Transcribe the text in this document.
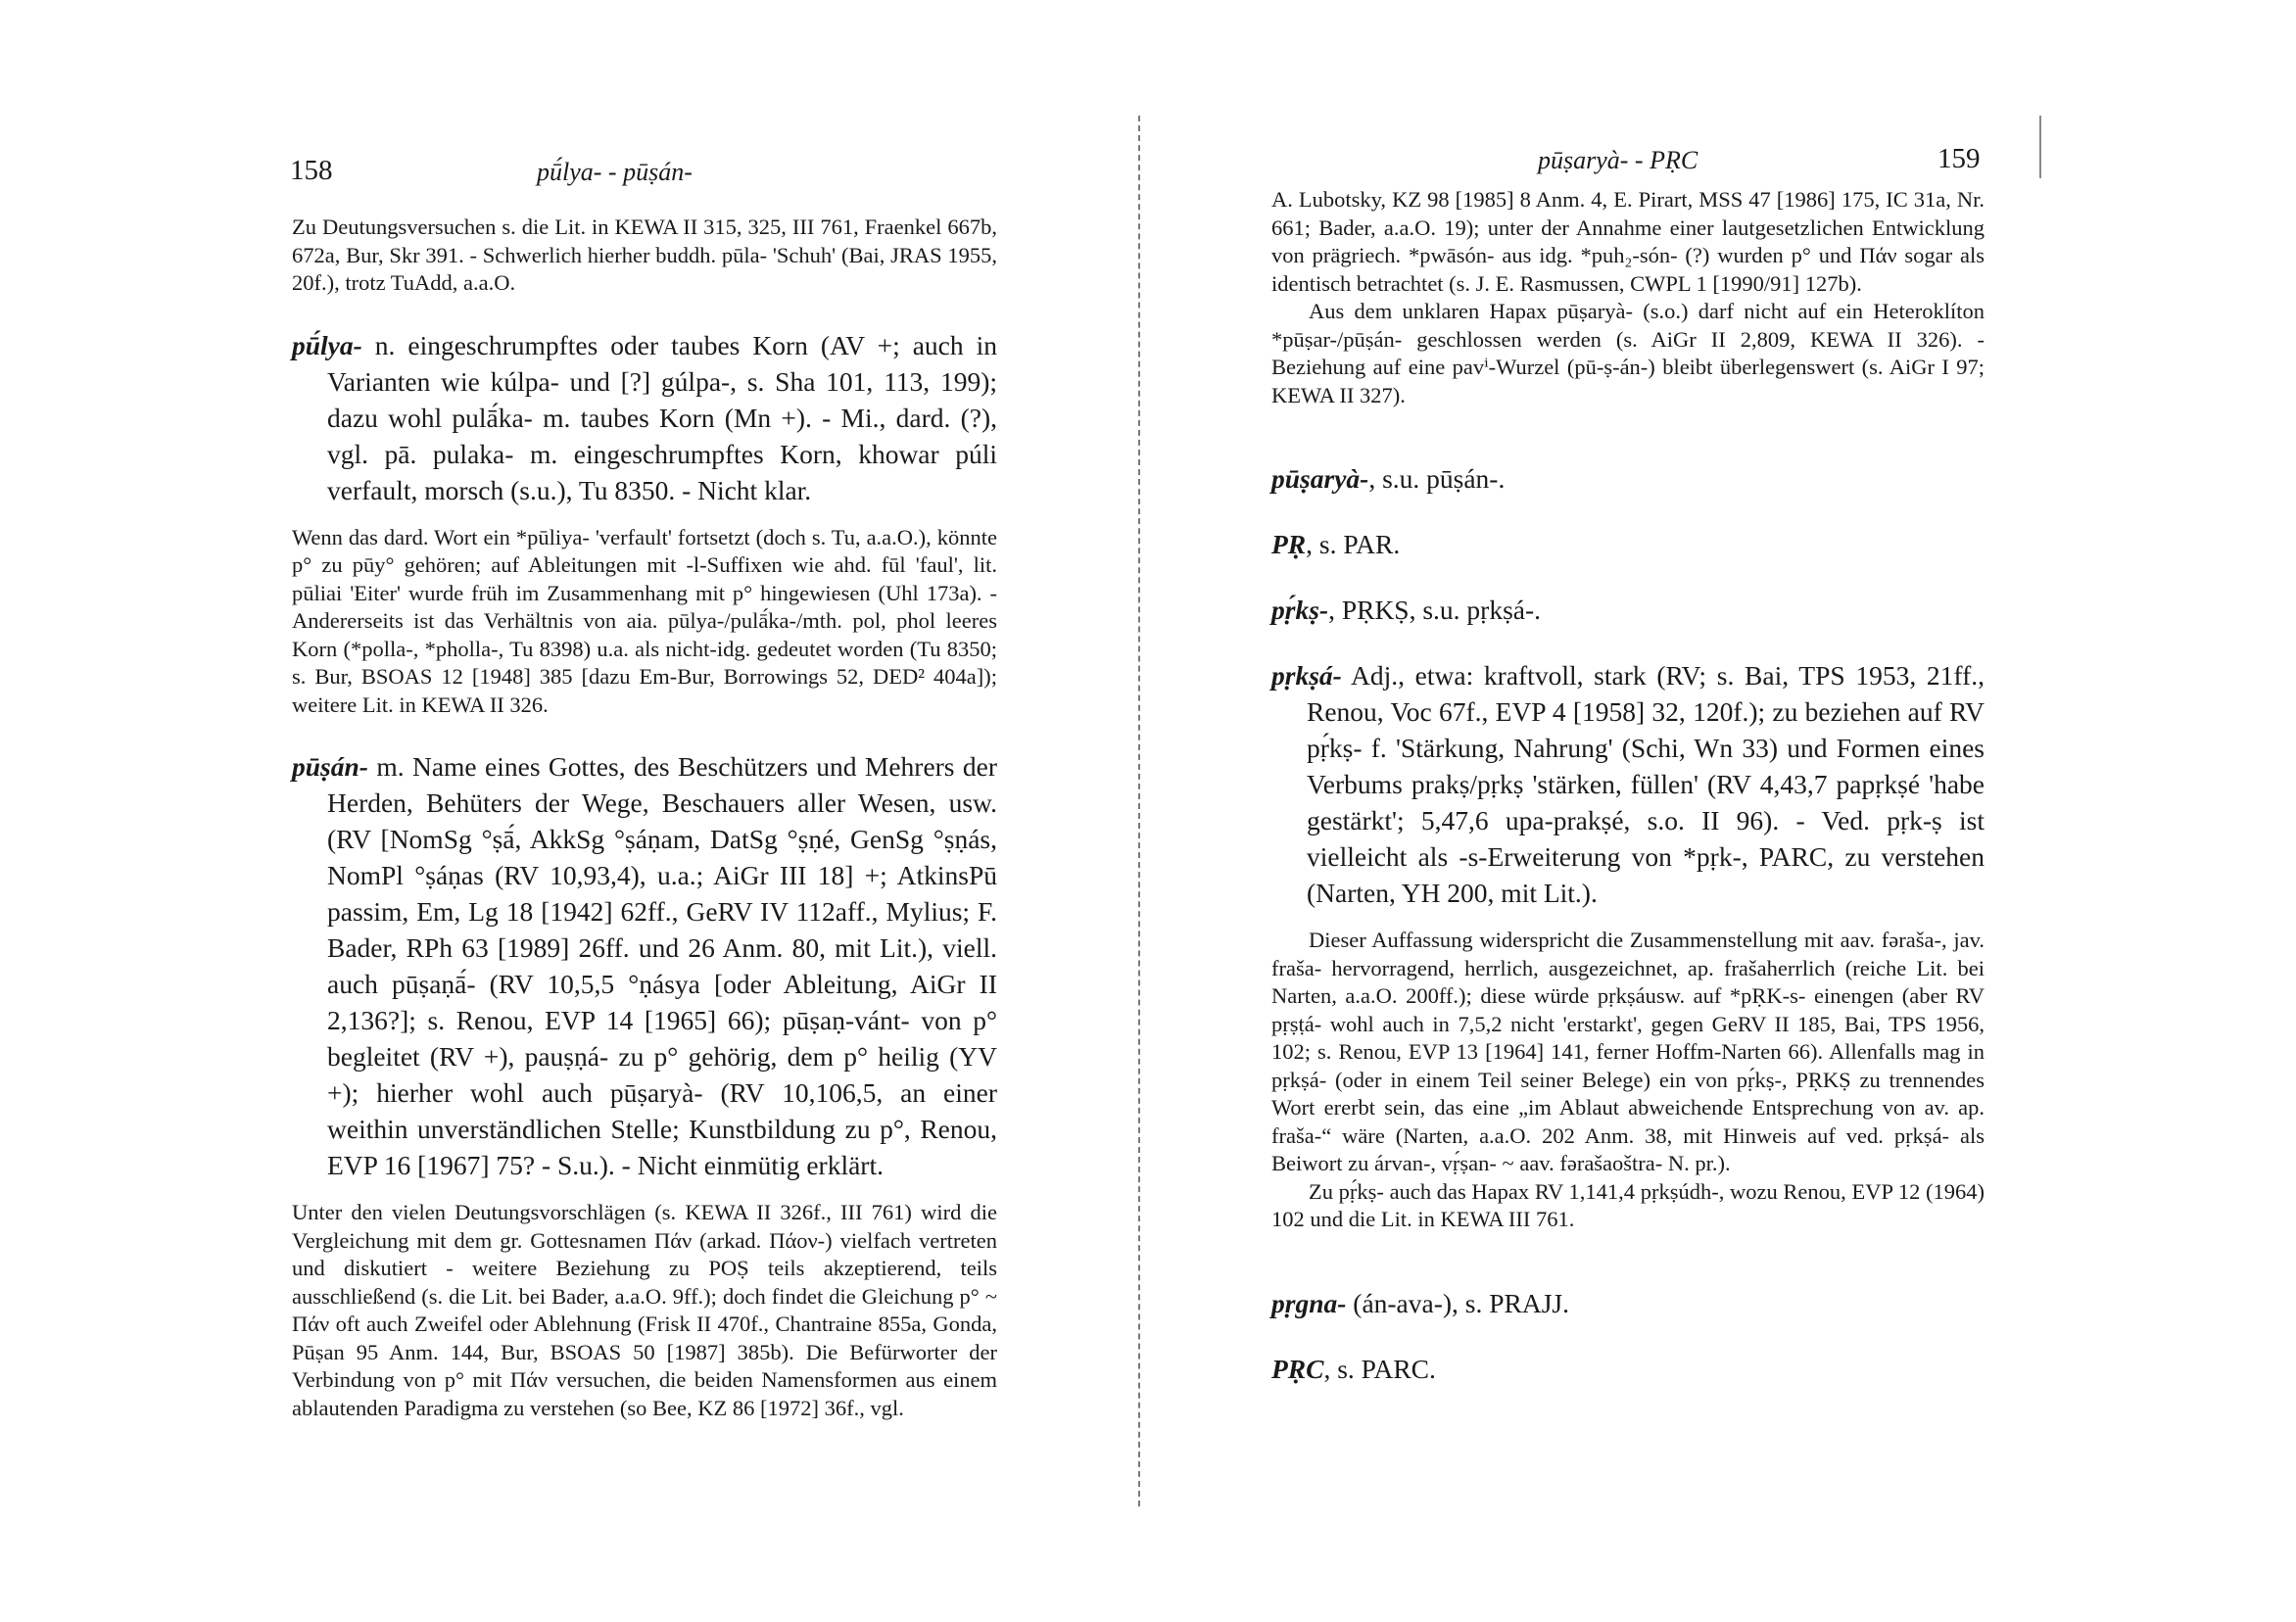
158	pū́lya- - pūṣán-

Zu Deutungsversuchen s. die Lit. in KEWA II 315, 325, III 761, Fraenkel 667b, 672a, Bur, Skr 391. - Schwerlich hierher buddh. pūla- 'Schuh' (Bai, JRAS 1955, 20f.), trotz TuAdd, a.a.O.

pū́lya- n. eingeschrumpftes oder taubes Korn (AV +; auch in Varianten wie kúlpa- und [?] gúlpa-, s. Sha 101, 113, 199); dazu wohl pulā́ka- m. taubes Korn (Mn +). - Mi., dard. (?), vgl. pā. pulaka- m. eingeschrumpftes Korn, khowar púli verfault, morsch (s.u.), Tu 8350. - Nicht klar.

Wenn das dard. Wort ein *pūliya- 'verfault' fortsetzt (doch s. Tu, a.a.O.), könnte p° zu pūy° gehören; auf Ableitungen mit -l-Suffixen wie ahd. fūl 'faul', lit. pūliai 'Eiter' wurde früh im Zusammenhang mit p° hingewiesen (Uhl 173a). - Andererseits ist das Verhältnis von aia. pūlya-/pulā́ka-/mth. pol, phol leeres Korn (*polla-, *pholla-, Tu 8398) u.a. als nicht-idg. gedeutet worden (Tu 8350; s. Bur, BSOAS 12 [1948] 385 [dazu Em-Bur, Borrowings 52, DED² 404a]); weitere Lit. in KEWA II 326.

pūṣán- m. Name eines Gottes, des Beschützers und Mehrers der Herden, Behüters der Wege, Beschauers aller Wesen, usw. (RV [NomSg °ṣā́, AkkSg °ṣáṇam, DatSg °ṣṇé, GenSg °ṣṇás, NomPl °ṣáṇas (RV 10,93,4), u.a.; AiGr III 18] +; AtkinsPū passim, Em, Lg 18 [1942] 62ff., GeRV IV 112aff., Mylius; F. Bader, RPh 63 [1989] 26ff. und 26 Anm. 80, mit Lit.), viell. auch pūṣaṇā́- (RV 10,5,5 °ṇásya [oder Ableitung, AiGr II 2,136?]; s. Renou, EVP 14 [1965] 66); pūṣaṇ-vánt- von p° begleitet (RV +), pauṣṇá- zu p° gehörig, dem p° heilig (YV +); hierher wohl auch pūṣaryà- (RV 10,106,5, an einer weithin unverständlichen Stelle; Kunstbildung zu p°, Renou, EVP 16 [1967] 75? - S.u.). - Nicht einmütig erklärt.

Unter den vielen Deutungsvorschlägen (s. KEWA II 326f., III 761) wird die Vergleichung mit dem gr. Gottesnamen Πάν (arkad. Πάον-) vielfach vertreten und diskutiert - weitere Beziehung zu POṢ teils akzeptierend, teils ausschließend (s. die Lit. bei Bader, a.a.O. 9ff.); doch findet die Gleichung p° ~ Πάν oft auch Zweifel oder Ablehnung (Frisk II 470f., Chantraine 855a, Gonda, Pūṣan 95 Anm. 144, Bur, BSOAS 50 [1987] 385b). Die Befürworter der Verbindung von p° mit Πάν versuchen, die beiden Namensformen aus einem ablautenden Paradigma zu verstehen (so Bee, KZ 86 [1972] 36f., vgl.

pūṣaryà- - PṚC	159

A. Lubotsky, KZ 98 [1985] 8 Anm. 4, E. Pirart, MSS 47 [1986] 175, IC 31a, Nr. 661; Bader, a.a.O. 19); unter der Annahme einer lautgesetzlichen Entwicklung von prägriech. *pwāsón- aus idg. *puh₂-són- (?) wurden p° und Πάν sogar als identisch betrachtet (s. J. E. Rasmussen, CWPL 1 [1990/91] 127b).

Aus dem unklaren Hapax pūṣaryà- (s.o.) darf nicht auf ein Heteroklíton *pūṣar-/pūṣán- geschlossen werden (s. AiGr II 2,809, KEWA II 326). - Beziehung auf eine pavⁱ-Wurzel (pū-ṣ-án-) bleibt überlegenswert (s. AiGr I 97; KEWA II 327).

pūṣaryà-, s.u. pūṣán-.

PṚ, s. PAR.

pṛ́kṣ-, PṚKṢ, s.u. pṛkṣá-.

pṛkṣá- Adj., etwa: kraftvoll, stark (RV; s. Bai, TPS 1953, 21ff., Renou, Voc 67f., EVP 4 [1958] 32, 120f.); zu beziehen auf RV pṛ́kṣ- f. 'Stärkung, Nahrung' (Schi, Wn 33) und Formen eines Verbums prakṣ/pṛkṣ 'stärken, füllen' (RV 4,43,7 papṛkṣé 'habe gestärkt'; 5,47,6 upa-prakṣé, s.o. II 96). - Ved. pṛk-ṣ ist vielleicht als -s-Erweiterung von *pṛk-, PARC, zu verstehen (Narten, YH 200, mit Lit.).

Dieser Auffassung widerspricht die Zusammenstellung mit aav. fəraša-, jav. fraša- hervorragend, herrlich, ausgezeichnet, ap. frašaherrlich (reiche Lit. bei Narten, a.a.O. 200ff.); diese würde pṛkṣáusw. auf *pṚK-s- einengen (aber RV pṛṣṭá- wohl auch in 7,5,2 nicht 'erstarkt', gegen GeRV II 185, Bai, TPS 1956, 102; s. Renou, EVP 13 [1964] 141, ferner Hoffm-Narten 66). Allenfalls mag in pṛkṣá- (oder in einem Teil seiner Belege) ein von pṛ́kṣ-, PṚKṢ zu trennendes Wort ererbt sein, das eine „im Ablaut abweichende Entsprechung von av. ap. fraša-“ wäre (Narten, a.a.O. 202 Anm. 38, mit Hinweis auf ved. pṛkṣá- als Beiwort zu árvan-, vṛ́ṣan- ~ aav. fərašaoštra- N. pr.).

Zu pṛ́kṣ- auch das Hapax RV 1,141,4 pṛkṣúdh-, wozu Renou, EVP 12 (1964) 102 und die Lit. in KEWA III 761.

pṛgna- (án-ava-), s. PRAJJ.

PṚC, s. PARC.
